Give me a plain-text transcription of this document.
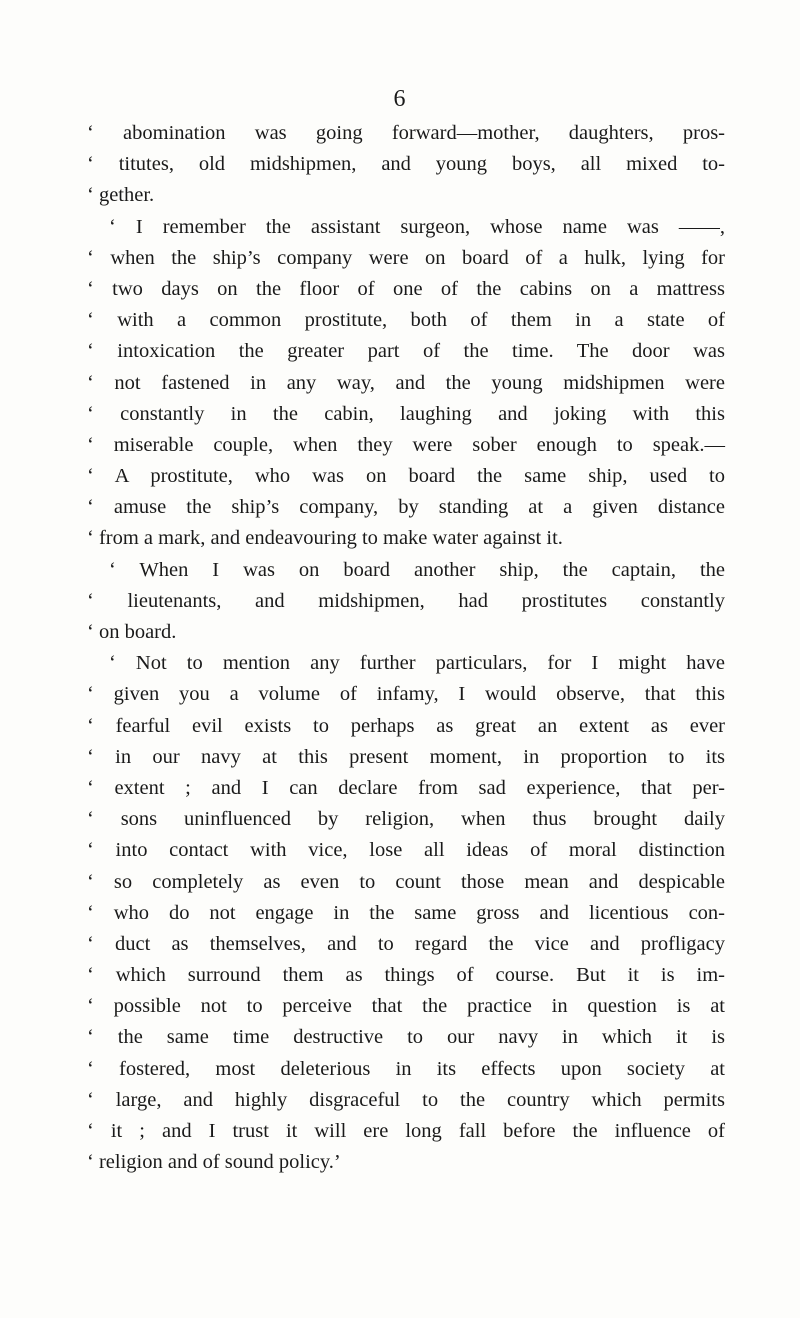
6
‘ abomination was going forward—mother, daughters, pros-
‘ titutes, old midshipmen, and young boys, all mixed to-
‘ gether.
‘ I remember the assistant surgeon, whose name was ——,
‘ when the ship’s company were on board of a hulk, lying for
‘ two days on the floor of one of the cabins on a mattress
‘ with a common prostitute, both of them in a state of
‘ intoxication the greater part of the time. The door was
‘ not fastened in any way, and the young midshipmen were
‘ constantly in the cabin, laughing and joking with this
‘ miserable couple, when they were sober enough to speak.—
‘ A prostitute, who was on board the same ship, used to
‘ amuse the ship’s company, by standing at a given distance
‘ from a mark, and endeavouring to make water against it.
‘ When I was on board another ship, the captain, the
‘ lieutenants, and midshipmen, had prostitutes constantly
‘ on board.
‘ Not to mention any further particulars, for I might have
‘ given you a volume of infamy, I would observe, that this
‘ fearful evil exists to perhaps as great an extent as ever
‘ in our navy at this present moment, in proportion to its
‘ extent ; and I can declare from sad experience, that per-
‘ sons uninfluenced by religion, when thus brought daily
‘ into contact with vice, lose all ideas of moral distinction
‘ so completely as even to count those mean and despicable
‘ who do not engage in the same gross and licentious con-
‘ duct as themselves, and to regard the vice and profligacy
‘ which surround them as things of course. But it is im-
‘ possible not to perceive that the practice in question is at
‘ the same time destructive to our navy in which it is
‘ fostered, most deleterious in its effects upon society at
‘ large, and highly disgraceful to the country which permits
‘ it ; and I trust it will ere long fall before the influence of
‘ religion and of sound policy.’
